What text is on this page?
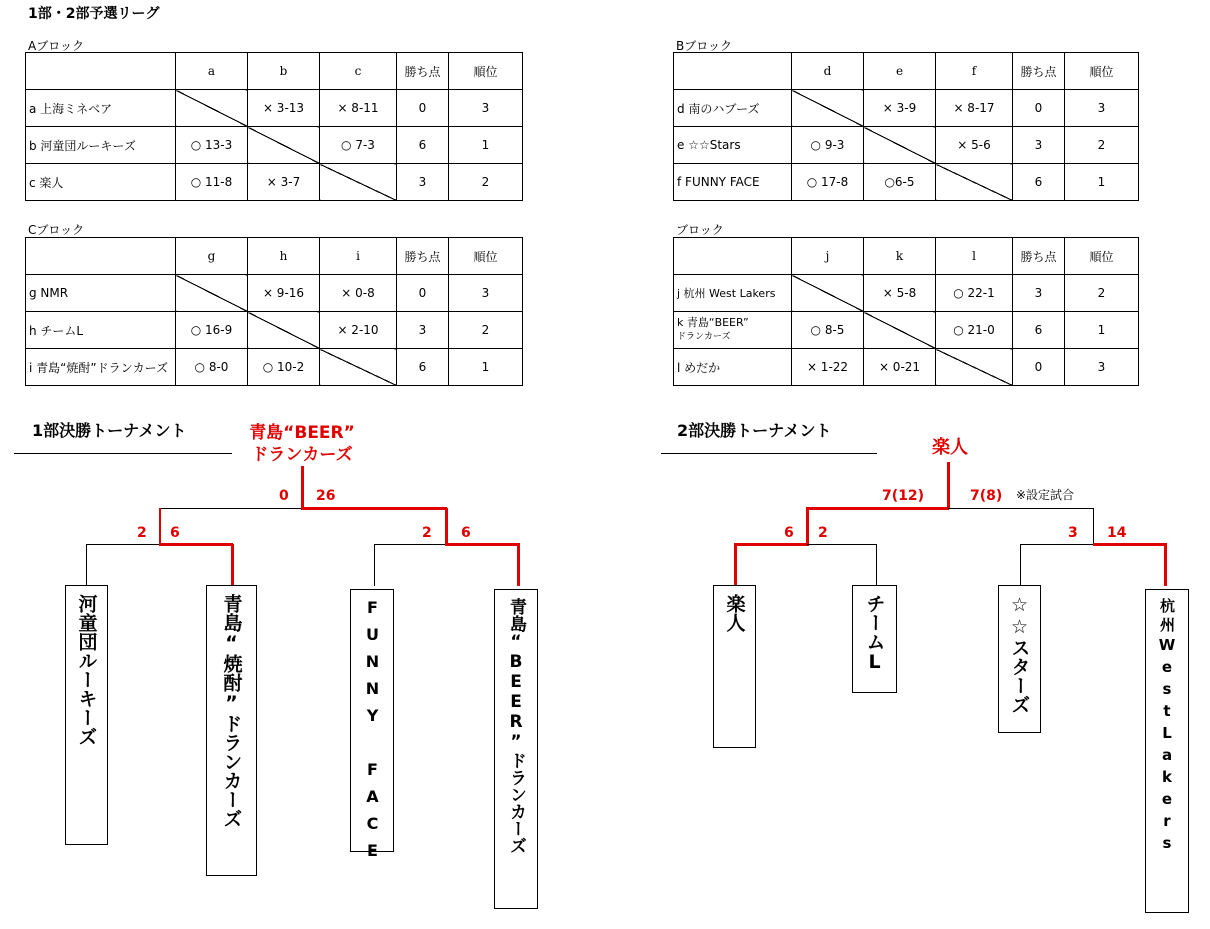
1部・2部予選リーグ
Aブロック
	a	b	c	勝ち点	順位
a 上海ミネベア		× 3-13	× 8-11	0	3
b 河童団ルーキーズ	○ 13-3		○ 7-3	6	1
c 楽人	○ 11-8	× 3-7		3	2
Bブロック
	d	e	f	勝ち点	順位
d 南のハブーズ		× 3-9	× 8-17	0	3
e ☆☆Stars	○ 9-3		× 5-6	3	2
f FUNNY FACE	○ 17-8	○6-5		6	1
Cブロック
	g	h	i	勝ち点	順位
g NMR		× 9-16	× 0-8	0	3
h チームL	○ 16-9		× 2-10	3	2
i 青島“焼酎”ドランカーズ	○ 8-0	○ 10-2		6	1
ブロック
	j	k	l	勝ち点	順位
j 杭州 West Lakers		× 5-8	○ 22-1	3	2
k 青島“BEER”
ドランカーズ	○ 8-5		○ 21-0	6	1
l めだか	× 1-22	× 0-21		0	3
1部決勝トーナメント	青島“BEER”
ドランカーズ
0 26
2 6	2 6
河童団ルーキーズ	青島“焼酎”ドランカーズ	FUNNY FACE	青島“BEER”ドランカーズ
2部決勝トーナメント
楽人
7(12)	7(8) ※設定試合
6 2	3 14
楽人	チームL	☆☆スターズ	杭州WestLakers
